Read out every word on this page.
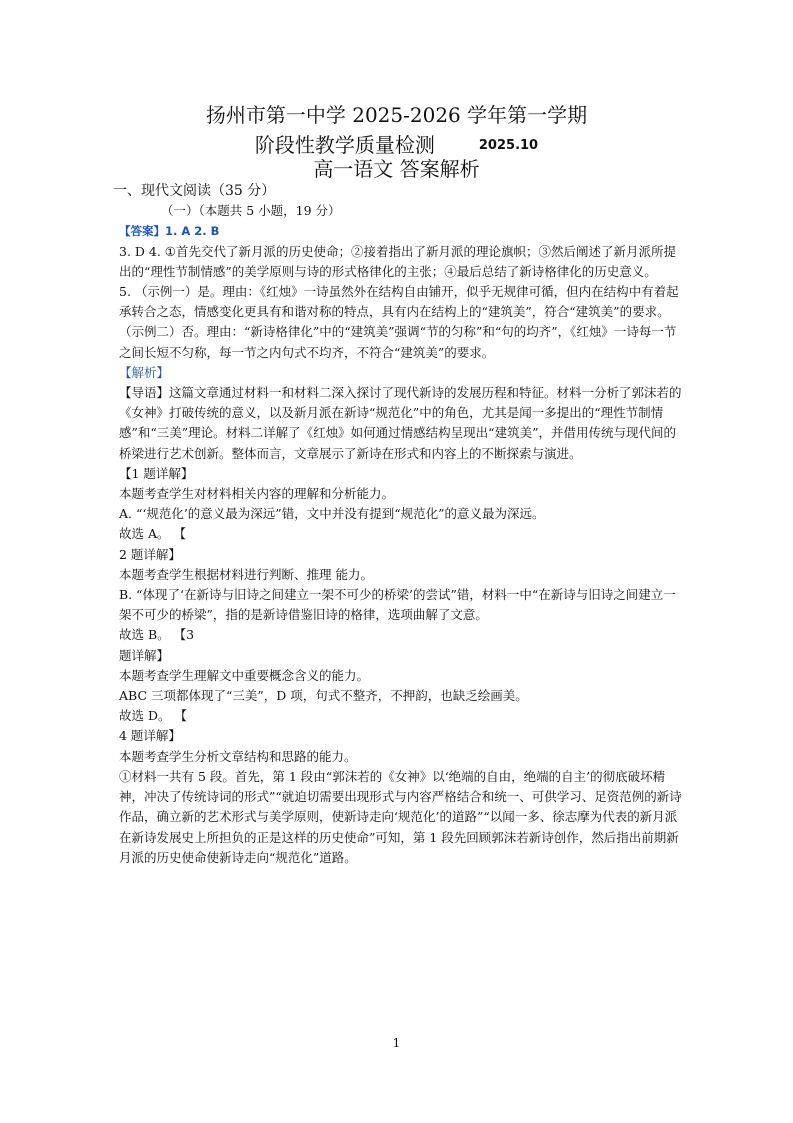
扬州市第一中学 2025-2026 学年第一学期
阶段性教学质量检测	2025.10
高一语文 答案解析

一、现代文阅读（35 分）

（一）（本题共 5 小题，19 分）

【答案】1. A 2. B

3. D 4. ①首先交代了新月派的历史使命；②接着指出了新月派的理论旗帜；③然后阐述了新月派所提出的“理性节制情感”的美学原则与诗的形式格律化的主张；④最后总结了新诗格律化的历史意义。

5. （示例一）是。理由：《红烛》一诗虽然外在结构自由铺开，似乎无规律可循，但内在结构中有着起承转合之态，情感变化更具有和谐对称的特点，具有内在结构上的“建筑美”，符合“建筑美”的要求。

（示例二）否。理由：“新诗格律化”中的“建筑美”强调“节的匀称”和“句的均齐”，《红烛》一诗每一节之间长短不匀称，每一节之内句式不均齐，不符合“建筑美”的要求。

【解析】

【导语】这篇文章通过材料一和材料二深入探讨了现代新诗的发展历程和特征。材料一分析了郭沫若的《女神》打破传统的意义，以及新月派在新诗“规范化”中的角色，尤其是闻一多提出的“理性节制情感”和“三美”理论。材料二详解了《红烛》如何通过情感结构呈现出“建筑美”，并借用传统与现代间的桥梁进行艺术创新。整体而言，文章展示了新诗在形式和内容上的不断探索与演进。

【1 题详解】

本题考查学生对材料相关内容的理解和分析能力。

A. “‘规范化’的意义最为深远”错，文中并没有提到“规范化”的意义最为深远。

故选 A。 【

2 题详解】

本题考查学生根据材料进行判断、推理 能力。

B. “体现了‘在新诗与旧诗之间建立一架不可少的桥梁’的尝试”错，材料一中“在新诗与旧诗之间建立一架不可少的桥梁”，指的是新诗借鉴旧诗的格律，选项曲解了文意。

故选 B。 【3

题详解】

本题考查学生理解文中重要概念含义的能力。

ABC 三项都体现了“三美”，D 项，句式不整齐，不押韵，也缺乏绘画美。

故选 D。 【

4 题详解】

本题考查学生分析文章结构和思路的能力。

①材料一共有 5 段。首先，第 1 段由“郭沫若的《女神》以‘绝端的自由，绝端的自主’的彻底破坏精神，冲决了传统诗词的形式”“就迫切需要出现形式与内容严格结合和统一、可供学习、足资范例的新诗作品，确立新的艺术形式与美学原则，使新诗走向‘规范化’的道路”“以闻一多、徐志摩为代表的新月派在新诗发展史上所担负的正是这样的历史使命”可知，第 1 段先回顾郭沫若新诗创作，然后指出前期新月派的历史使命使新诗走向“规范化”道路。

1
